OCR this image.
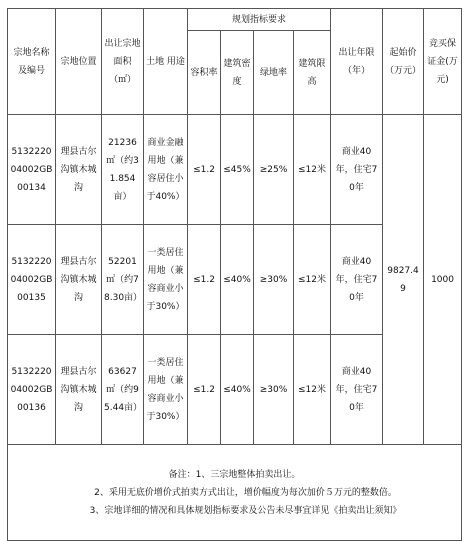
宗地名称及编号	宗地位置	出让宗地面积（㎡）	土地 用途	规划指标要求				出让年限（年）	起始价（万元）	竞买保证金(万元)
				容积率	建筑密度	绿地率	建筑限高			
513222004002GB00134	理县古尔沟镇木城沟	21236㎡（约31.854亩）	商业金融用地（兼容居住小于40%）	≤1.2	≤45%	≥25%	≤12米	商业40年，住宅70年	9827.49	1000
513222004002GB00135	理县古尔沟镇木城沟	52201㎡（约78.30亩）	一类居住用地（兼容商业小于30%）	≤1.2	≤40%	≥30%	≤12米	商业40年，住宅70年		
513222004002GB00136	理县古尔沟镇木城沟	63627㎡（约95.44亩）	一类居住用地（兼容商业小于30%）	≤1.2	≤40%	≥30%	≤12米	商业40年，住宅70年		

备注：1、三宗地整体拍卖出让。
2、采用无底价增价式拍卖方式出让，增价幅度为每次加价５万元的整数倍。
3、宗地详细的情况和具体规划指标要求及公告未尽事宜详见《拍卖出让须知》										
